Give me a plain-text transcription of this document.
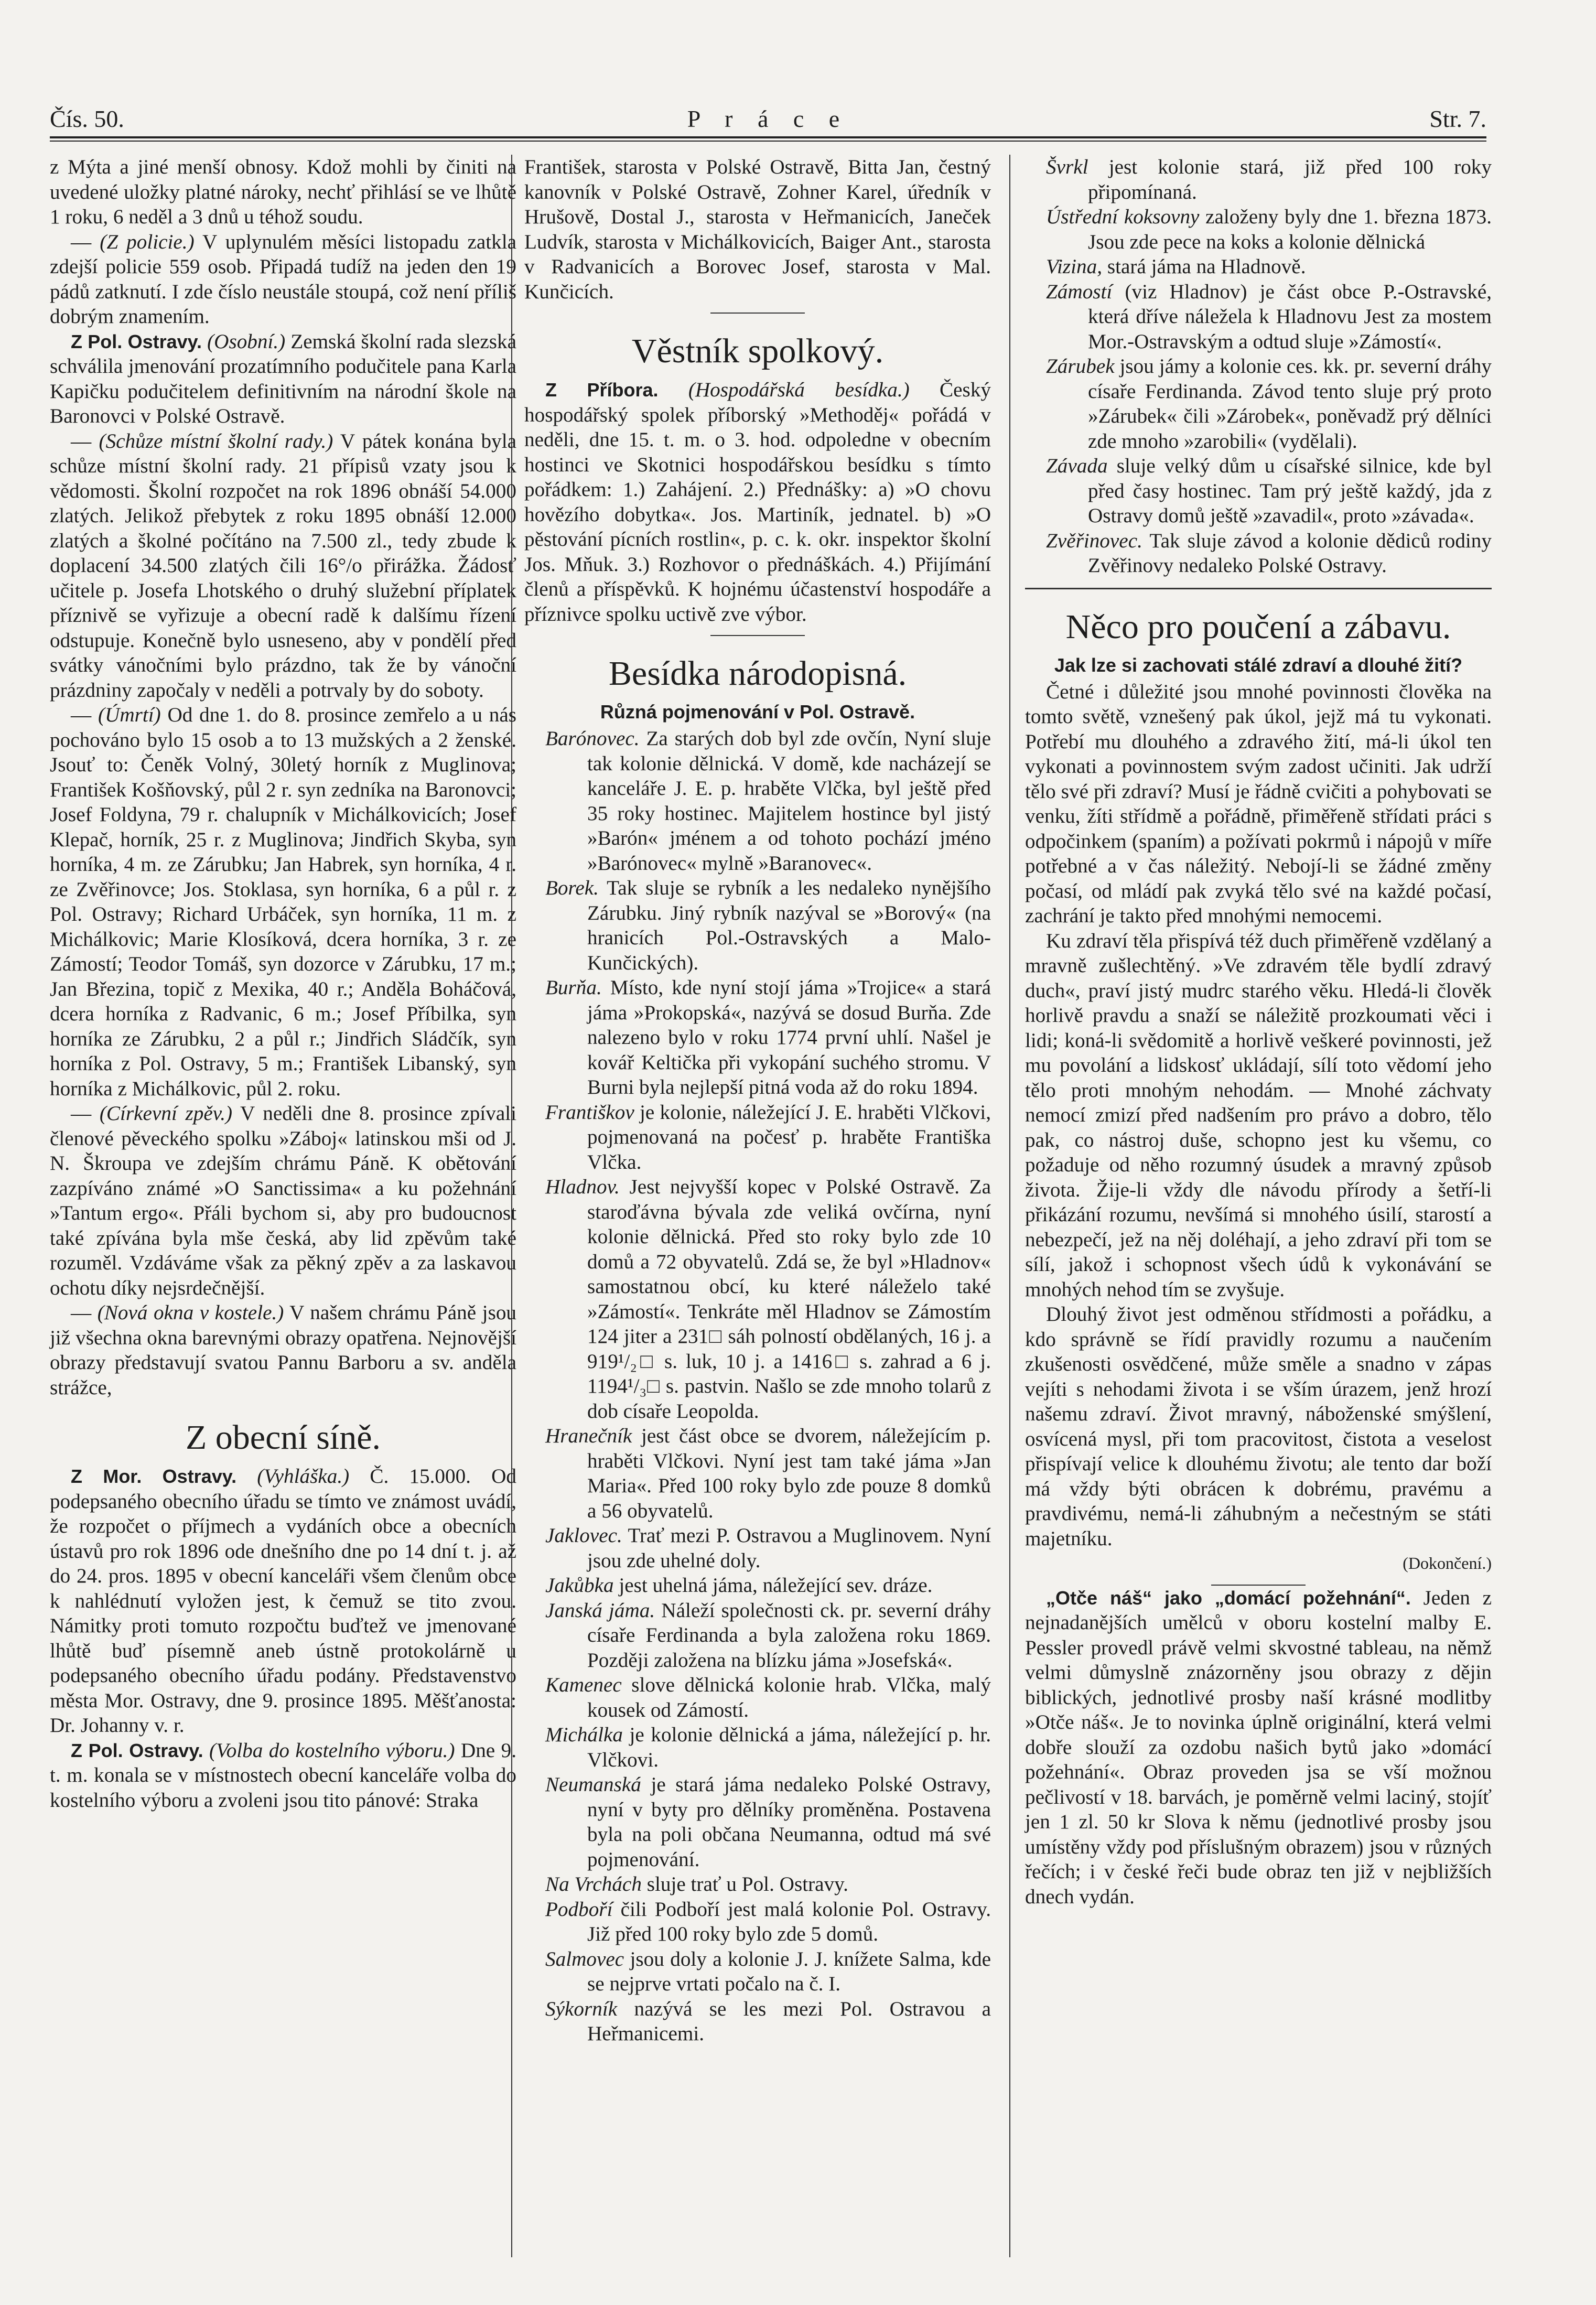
Čís. 50.	P r á c e	Str. 7.

z Mýta a jiné menší obnosy. Kdož mohli by činiti na uvedené uložky platné nároky, nechť přihlásí se ve lhůtě 1 roku, 6 neděl a 3 dnů u téhož soudu.

— (Z policie.) V uplynulém měsíci listopadu zatkla zdejší policie 559 osob. Připadá tudíž na jeden den 19 pádů zatknutí. I zde číslo neustále stoupá, což není příliš dobrým znamením.

Z Pol. Ostravy. (Osobní.) Zemská školní rada slezská schválila jmenování prozatímního podučitele pana Karla Kapičku podučitelem definitivním na národní škole na Baronovci v Polské Ostravě.

— (Schůze místní školní rady.) V pátek konána byla schůze místní školní rady. 21 přípisů vzaty jsou k vědomosti. Školní rozpočet na rok 1896 obnáší 54.000 zlatých. Jelikož přebytek z roku 1895 obnáší 12.000 zlatých a školné počítáno na 7.500 zl., tedy zbude k doplacení 34.500 zlatých čili 16°/o přirážka. Žádosť učitele p. Josefa Lhotského o druhý služební příplatek příznivě se vyřizuje a obecní radě k dalšímu řízení odstupuje. Konečně bylo usneseno, aby v pondělí před svátky vánočními bylo prázdno, tak že by vánoční prázdniny započaly v neděli a potrvaly by do soboty.

— (Úmrtí) Od dne 1. do 8. prosince zemřelo a u nás pochováno bylo 15 osob a to 13 mužských a 2 ženské. Jsouť to: Čeněk Volný, 30letý horník z Muglinova; František Košňovský, půl 2 r. syn zedníka na Baronovci; Josef Foldyna, 79 r. chalupník v Michálkovicích; Josef Klepač, horník, 25 r. z Muglinova; Jindřich Skyba, syn horníka, 4 m. ze Zárubku; Jan Habrek, syn horníka, 4 r. ze Zvěřinovce; Jos. Stoklasa, syn horníka, 6 a půl r. z Pol. Ostravy; Richard Urbáček, syn horníka, 11 m. z Michálkovic; Marie Klosíková, dcera horníka, 3 r. ze Zámostí; Teodor Tomáš, syn dozorce v Zárubku, 17 m.; Jan Březina, topič z Mexika, 40 r.; Anděla Boháčová, dcera horníka z Radvanic, 6 m.; Josef Příbilka, syn horníka ze Zárubku, 2 a půl r.; Jindřich Sládčík, syn horníka z Pol. Ostravy, 5 m.; František Libanský, syn horníka z Michálkovic, půl 2. roku.

— (Církevní zpěv.) V neděli dne 8. prosince zpívali členové pěveckého spolku »Záboj« latinskou mši od J. N. Škroupa ve zdejším chrámu Páně. K obětování zazpíváno známé »O Sanctissima« a ku požehnání »Tantum ergo«. Přáli bychom si, aby pro budoucnost také zpívána byla mše česká, aby lid zpěvům také rozuměl. Vzdáváme však za pěkný zpěv a za laskavou ochotu díky nejsrdečnější.

— (Nová okna v kostele.) V našem chrámu Páně jsou již všechna okna barevnými obrazy opatřena. Nejnovější obrazy představují svatou Pannu Barboru a sv. anděla strážce,

Z obecní síně.

Z Mor. Ostravy. (Vyhláška.) Č. 15.000. Od podepsaného obecního úřadu se tímto ve známost uvádí, že rozpočet o příjmech a vydáních obce a obecních ústavů pro rok 1896 ode dnešního dne po 14 dní t. j. až do 24. pros. 1895 v obecní kanceláři všem členům obce k nahlédnutí vyložen jest, k čemuž se tito zvou. Námitky proti tomuto rozpočtu buďtež ve jmenované lhůtě buď písemně aneb ústně protokolárně u podepsaného obecního úřadu podány. Představenstvo města Mor. Ostravy, dne 9. prosince 1895. Měšťanosta: Dr. Johanny v. r.

Z Pol. Ostravy. (Volba do kostelního výboru.) Dne 9. t. m. konala se v místnostech obecní kanceláře volba do kostelního výboru a zvoleni jsou tito pánové: Straka

František, starosta v Polské Ostravě, Bitta Jan, čestný kanovník v Polské Ostravě, Zohner Karel, úředník v Hrušově, Dostal J., starosta v Heřmanicích, Janeček Ludvík, starosta v Michálkovicích, Baiger Ant., starosta v Radvanicích a Borovec Josef, starosta v Mal. Kunčicích.

Věstník spolkový.

Z Příbora. (Hospodářská besídka.) Český hospodářský spolek příborský »Methoděj« pořádá v neděli, dne 15. t. m. o 3. hod. odpoledne v obecním hostinci ve Skotnici hospodářskou besídku s tímto pořádkem: 1.) Zahájení. 2.) Přednášky: a) »O chovu hovězího dobytka«. Jos. Martiník, jednatel. b) »O pěstování pícních rostlin«, p. c. k. okr. inspektor školní Jos. Mňuk. 3.) Rozhovor o přednáškách. 4.) Přijímání členů a příspěvků. K hojnému účastenství hospodáře a příznivce spolku uctivě zve výbor.

Besídka národopisná.
Různá pojmenování v Pol. Ostravě.

Barónovec. Za starých dob byl zde ovčín, Nyní sluje tak kolonie dělnická. V domě, kde nacházejí se kanceláře J. E. p. hraběte Vlčka, byl ještě před 35 roky hostinec. Majitelem hostince byl jistý »Barón« jménem a od tohoto pochází jméno »Barónovec« mylně »Baranovec«.

Borek. Tak sluje se rybník a les nedaleko nynějšího Zárubku. Jiný rybník nazýval se »Borový« (na hranicích Pol.-Ostravských a Malo-Kunčických).

Burňa. Místo, kde nyní stojí jáma »Trojice« a stará jáma »Prokopská«, nazývá se dosud Burňa. Zde nalezeno bylo v roku 1774 první uhlí. Našel je kovář Keltička při vykopání suchého stromu. V Burni byla nejlepší pitná voda až do roku 1894.

Františkov je kolonie, náležející J. E. hraběti Vlčkovi, pojmenovaná na počesť p. hraběte Františka Vlčka.

Hladnov. Jest nejvyšší kopec v Polské Ostravě. Za staroďávna bývala zde veliká ovčírna, nyní kolonie dělnická. Před sto roky bylo zde 10 domů a 72 obyvatelů. Zdá se, že byl »Hladnov« samostatnou obcí, ku které náleželo také »Zámostí«. Tenkráte měl Hladnov se Zámostím 124 jiter a 231□ sáh polností obdělaných, 16 j. a 919¹/₂□ s. luk, 10 j. a 1416□ s. zahrad a 6 j. 1194¹/₃□ s. pastvin. Našlo se zde mnoho tolarů z dob císaře Leopolda.

Hranečník jest část obce se dvorem, náležejícím p. hraběti Vlčkovi. Nyní jest tam také jáma »Jan Maria«. Před 100 roky bylo zde pouze 8 domků a 56 obyvatelů.

Jaklovec. Trať mezi P. Ostravou a Muglinovem. Nyní jsou zde uhelné doly.

Jakůbka jest uhelná jáma, náležející sev. dráze.

Janská jáma. Náleží společnosti ck. pr. severní dráhy císaře Ferdinanda a byla založena roku 1869. Později založena na blízku jáma »Josefská«.

Kamenec slove dělnická kolonie hrab. Vlčka, malý kousek od Zámostí.

Michálka je kolonie dělnická a jáma, náležející p. hr. Vlčkovi.

Neumanská je stará jáma nedaleko Polské Ostravy, nyní v byty pro dělníky proměněna. Postavena byla na poli občana Neumanna, odtud má své pojmenování.

Na Vrchách sluje trať u Pol. Ostravy.

Podboří čili Podboří jest malá kolonie Pol. Ostravy. Již před 100 roky bylo zde 5 domů.

Salmovec jsou doly a kolonie J. J. knížete Salma, kde se nejprve vrtati počalo na č. I.

Sýkorník nazývá se les mezi Pol. Ostravou a Heřmanicemi.

Švrkl jest kolonie stará, již před 100 roky připomínaná.

Ústřední koksovny založeny byly dne 1. března 1873. Jsou zde pece na koks a kolonie dělnická

Vizina, stará jáma na Hladnově.

Zámostí (viz Hladnov) je část obce P.-Ostravské, která dříve náležela k Hladnovu Jest za mostem Mor.-Ostravským a odtud sluje »Zámostí«.

Zárubek jsou jámy a kolonie ces. kk. pr. severní dráhy císaře Ferdinanda. Závod tento sluje prý proto »Zárubek« čili »Zárobek«, poněvadž prý dělníci zde mnoho »zarobili« (vydělali).

Závada sluje velký dům u císařské silnice, kde byl před časy hostinec. Tam prý ještě každý, jda z Ostravy domů ještě »zavadil«, proto »závada«.

Zvěřinovec. Tak sluje závod a kolonie dědiců rodiny Zvěřinovy nedaleko Polské Ostravy.

Něco pro poučení a zábavu.
Jak lze si zachovati stálé zdraví a dlouhé žití?

Četné i důležité jsou mnohé povinnosti člověka na tomto světě, vznešený pak úkol, jejž má tu vykonati. Potřebí mu dlouhého a zdravého žití, má-li úkol ten vykonati a povinnostem svým zadost učiniti. Jak udrží tělo své při zdraví? Musí je řádně cvičiti a pohybovati se venku, žíti střídmě a pořádně, přiměřeně střídati práci s odpočinkem (spaním) a požívati pokrmů i nápojů v míře potřebné a v čas náležitý. Nebojí-li se žádné změny počasí, od mládí pak zvyká tělo své na každé počasí, zachrání je takto před mnohými nemocemi.

Ku zdraví těla přispívá též duch přiměřeně vzdělaný a mravně zušlechtěný. »Ve zdravém těle bydlí zdravý duch«, praví jistý mudrc starého věku. Hledá-li člověk horlivě pravdu a snaží se náležitě prozkoumati věci i lidi; koná-li svědomitě a horlivě veškeré povinnosti, jež mu povolání a lidskosť ukládají, sílí toto vědomí jeho tělo proti mnohým nehodám. — Mnohé záchvaty nemocí zmizí před nadšením pro právo a dobro, tělo pak, co nástroj duše, schopno jest ku všemu, co požaduje od něho rozumný úsudek a mravný způsob života. Žije-li vždy dle návodu přírody a šetří-li přikázání rozumu, nevšímá si mnohého úsilí, starostí a nebezpečí, jež na něj doléhají, a jeho zdraví při tom se sílí, jakož i schopnost všech údů k vykonávání se mnohých nehod tím se zvyšuje.

Dlouhý život jest odměnou střídmosti a pořádku, a kdo správně se řídí pravidly rozumu a naučením zkušenosti osvědčené, může směle a snadno v zápas vejíti s nehodami života i se vším úrazem, jenž hrozí našemu zdraví. Život mravný, náboženské smýšlení, osvícená mysl, při tom pracovitost, čistota a veselost přispívají velice k dlouhému životu; ale tento dar boží má vždy býti obrácen k dobrému, pravému a pravdivému, nemá-li záhubným a nečestným se státi majetníku.

(Dokončení.)

„Otče náš“ jako „domácí požehnání“. Jeden z nejnadanějších umělců v oboru kostelní malby E. Pessler provedl právě velmi skvostné tableau, na němž velmi důmyslně znázorněny jsou obrazy z dějin biblických, jednotlivé prosby naší krásné modlitby »Otče náš«. Je to novinka úplně originální, která velmi dobře slouží za ozdobu našich bytů jako »domácí požehnání«. Obraz proveden jsa se vší možnou pečlivostí v 18. barvách, je poměrně velmi laciný, stojíť jen 1 zl. 50 kr Slova k němu (jednotlivé prosby jsou umístěny vždy pod příslušným obrazem) jsou v různých řečích; i v české řeči bude obraz ten již v nejbližších dnech vydán.
